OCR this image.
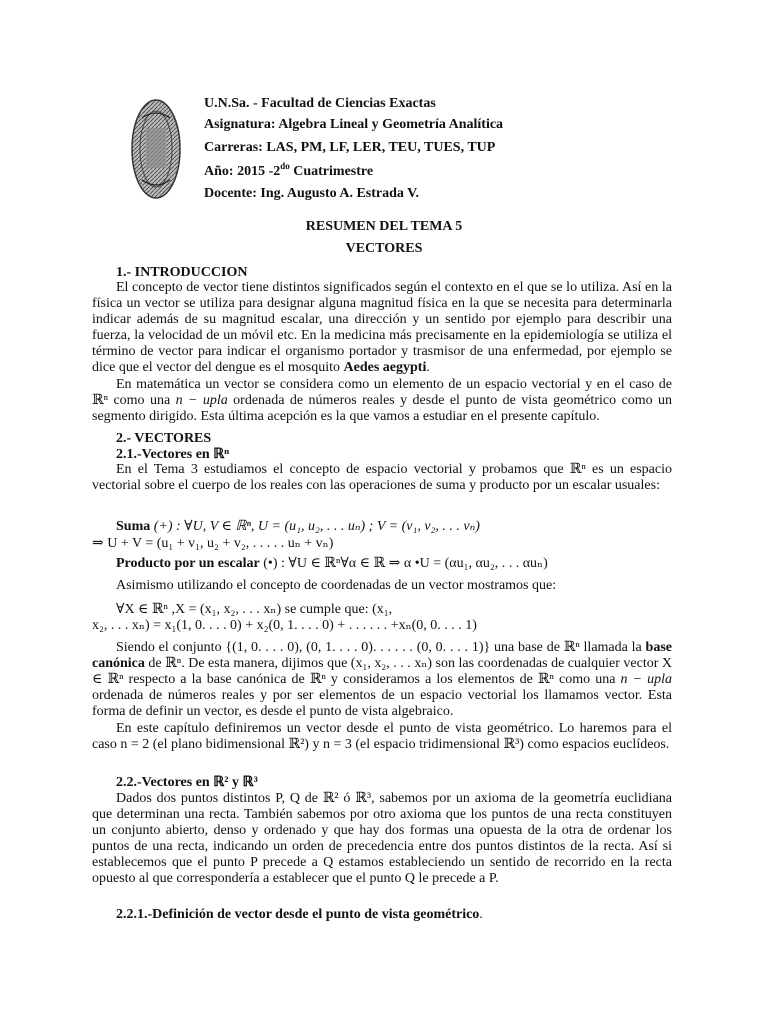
U.N.Sa. - Facultad de Ciencias Exactas
Asignatura: Algebra Lineal y Geometría Analítica
Carreras: LAS, PM, LF, LER, TEU, TUES, TUP
Año: 2015 $-2^{do}$ Cuatrimestre
Docente: Ing. Augusto A. Estrada V.
RESUMEN DEL TEMA 5
VECTORES
1.- INTRODUCCION

El concepto de vector tiene distintos significados según el contexto en el que se lo utiliza. Así en la física un vector se utiliza para designar alguna magnitud física en la que se necesita para determinarla indicar además de su magnitud escalar, una dirección y un sentido por ejemplo para describir una fuerza, la velocidad de un móvil etc. En la medicina más precisamente en la epidemiología se utiliza el término de vector para indicar el organismo portador y trasmisor de una enfermedad, por ejemplo se dice que el vector del dengue es el mosquito Aedes aegypti.

En matemática un vector se considera como un elemento de un espacio vectorial y en el caso de ℝⁿ como una n − upla ordenada de números reales y desde el punto de vista geométrico como un segmento dirigido. Esta última acepción es la que vamos a estudiar en el presente capítulo.

2.- VECTORES
2.1.-Vectores en ℝⁿ

En el Tema 3 estudiamos el concepto de espacio vectorial y probamos que ℝⁿ es un espacio vectorial sobre el cuerpo de los reales con las operaciones de suma y producto por un escalar usuales:

Suma (+) : ∀U, V ∈ ℝⁿ, U = (u₁, u₂, . . . uₙ) ; V = (v₁, v₂, . . . vₙ)
⇒ U + V = (u₁ + v₁, u₂ + v₂, . . . . . uₙ + vₙ)
Producto por un escalar (•) : ∀U ∈ ℝⁿ∀α ∈ ℝ ⇒ α •U = (αu₁, αu₂, . . . αuₙ)
Asimismo utilizando el concepto de coordenadas de un vector mostramos que:
∀X ∈ ℝⁿ ,X = (x₁, x₂, . . . xₙ) se cumple que: (x₁,
x₂, . . . xₙ) = x₁(1, 0. . . . 0) + x₂(0, 1. . . . 0) + . . . . . . +xₙ(0, 0. . . . 1)

Siendo el conjunto {(1, 0. . . . 0), (0, 1. . . . 0). . . . . . (0, 0. . . . 1)} una base de ℝⁿ llamada la base canónica de ℝⁿ. De esta manera, dijimos que (x₁, x₂, . . . xₙ) son las coordenadas de cualquier vector X ∈ ℝⁿ respecto a la base canónica de ℝⁿ y consideramos a los elementos de ℝⁿ como una n − upla ordenada de números reales y por ser elementos de un espacio vectorial los llamamos vector. Esta forma de definir un vector, es desde el punto de vista algebraico.

En este capítulo definiremos un vector desde el punto de vista geométrico. Lo haremos para el caso n = 2 (el plano bidimensional ℝ²) y n = 3 (el espacio tridimensional ℝ³) como espacios euclídeos.

2.2.-Vectores en ℝ² y ℝ³

Dados dos puntos distintos P, Q de ℝ² ó ℝ³, sabemos por un axioma de la geometría euclidiana que determinan una recta. También sabemos por otro axioma que los puntos de una recta constituyen un conjunto abierto, denso y ordenado y que hay dos formas una opuesta de la otra de ordenar los puntos de una recta, indicando un orden de precedencia entre dos puntos distintos de la recta. Así si establecemos que el punto P precede a Q estamos estableciendo un sentido de recorrido en la recta opuesto al que correspondería a establecer que el punto Q le precede a P.

2.2.1.-Definición de vector desde el punto de vista geométrico.
